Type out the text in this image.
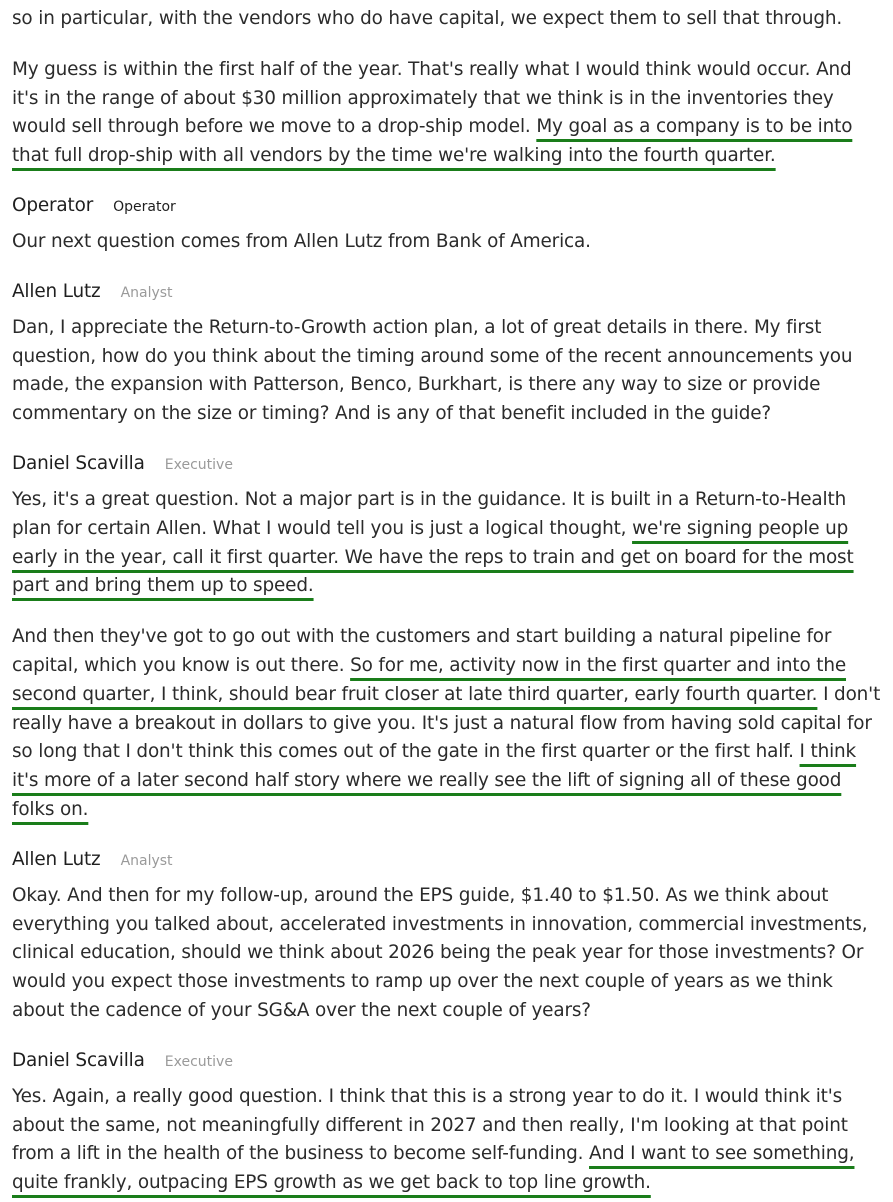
so in particular, with the vendors who do have capital, we expect them to sell that through.

My guess is within the first half of the year. That's really what I would think would occur. And it's in the range of about $30 million approximately that we think is in the inventories they would sell through before we move to a drop-ship model. My goal as a company is to be into that full drop-ship with all vendors by the time we're walking into the fourth quarter.

Operator Operator

Our next question comes from Allen Lutz from Bank of America.

Allen Lutz Analyst

Dan, I appreciate the Return-to-Growth action plan, a lot of great details in there. My first question, how do you think about the timing around some of the recent announcements you made, the expansion with Patterson, Benco, Burkhart, is there any way to size or provide commentary on the size or timing? And is any of that benefit included in the guide?

Daniel Scavilla Executive

Yes, it's a great question. Not a major part is in the guidance. It is built in a Return-to-Health plan for certain Allen. What I would tell you is just a logical thought, we're signing people up early in the year, call it first quarter. We have the reps to train and get on board for the most part and bring them up to speed.

And then they've got to go out with the customers and start building a natural pipeline for capital, which you know is out there. So for me, activity now in the first quarter and into the second quarter, I think, should bear fruit closer at late third quarter, early fourth quarter. I don't really have a breakout in dollars to give you. It's just a natural flow from having sold capital for so long that I don't think this comes out of the gate in the first quarter or the first half. I think it's more of a later second half story where we really see the lift of signing all of these good folks on.

Allen Lutz Analyst

Okay. And then for my follow-up, around the EPS guide, $1.40 to $1.50. As we think about everything you talked about, accelerated investments in innovation, commercial investments, clinical education, should we think about 2026 being the peak year for those investments? Or would you expect those investments to ramp up over the next couple of years as we think about the cadence of your SG&A over the next couple of years?

Daniel Scavilla Executive

Yes. Again, a really good question. I think that this is a strong year to do it. I would think it's about the same, not meaningfully different in 2027 and then really, I'm looking at that point from a lift in the health of the business to become self-funding. And I want to see something, quite frankly, outpacing EPS growth as we get back to top line growth.
